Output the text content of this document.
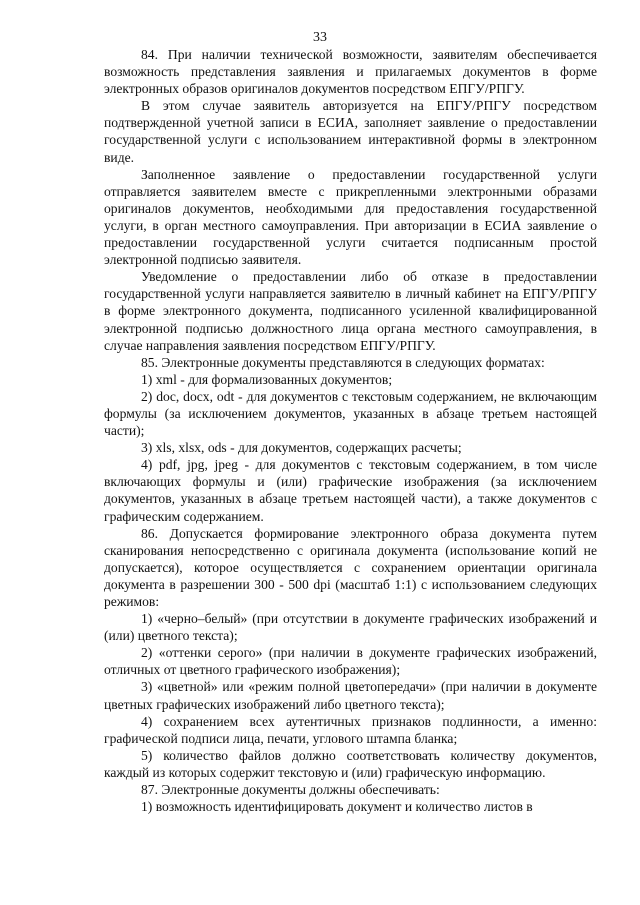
33

84. При наличии технической возможности, заявителям обеспечивается возможность представления заявления и прилагаемых документов в форме электронных образов оригиналов документов посредством ЕПГУ/РПГУ.

В этом случае заявитель авторизуется на ЕПГУ/РПГУ посредством подтвержденной учетной записи в ЕСИА, заполняет заявление о предоставлении государственной услуги с использованием интерактивной формы в электронном виде.

Заполненное заявление о предоставлении государственной услуги отправляется заявителем вместе с прикрепленными электронными образами оригиналов документов, необходимыми для предоставления государственной услуги, в орган местного самоуправления. При авторизации в ЕСИА заявление о предоставлении государственной услуги считается подписанным простой электронной подписью заявителя.

Уведомление о предоставлении либо об отказе в предоставлении государственной услуги направляется заявителю в личный кабинет на ЕПГУ/РПГУ в форме электронного документа, подписанного усиленной квалифицированной электронной подписью должностного лица органа местного самоуправления, в случае направления заявления посредством ЕПГУ/РПГУ.

85. Электронные документы представляются в следующих форматах:

1) xml - для формализованных документов;

2) doc, docx, odt - для документов с текстовым содержанием, не включающим формулы (за исключением документов, указанных в абзаце третьем настоящей части);

3) xls, xlsx, ods - для документов, содержащих расчеты;

4) pdf, jpg, jpeg - для документов с текстовым содержанием, в том числе включающих формулы и (или) графические изображения (за исключением документов, указанных в абзаце третьем настоящей части), а также документов с графическим содержанием.

86. Допускается формирование электронного образа документа путем сканирования непосредственно с оригинала документа (использование копий не допускается), которое осуществляется с сохранением ориентации оригинала документа в разрешении 300 - 500 dpi (масштаб 1:1) с использованием следующих режимов:

1) «черно–белый» (при отсутствии в документе графических изображений и (или) цветного текста);

2) «оттенки серого» (при наличии в документе графических изображений, отличных от цветного графического изображения);

3) «цветной» или «режим полной цветопередачи» (при наличии в документе цветных графических изображений либо цветного текста);

4) сохранением всех аутентичных признаков подлинности, а именно: графической подписи лица, печати, углового штампа бланка;

5) количество файлов должно соответствовать количеству документов, каждый из которых содержит текстовую и (или) графическую информацию.

87. Электронные документы должны обеспечивать:

1) возможность идентифицировать документ и количество листов в
